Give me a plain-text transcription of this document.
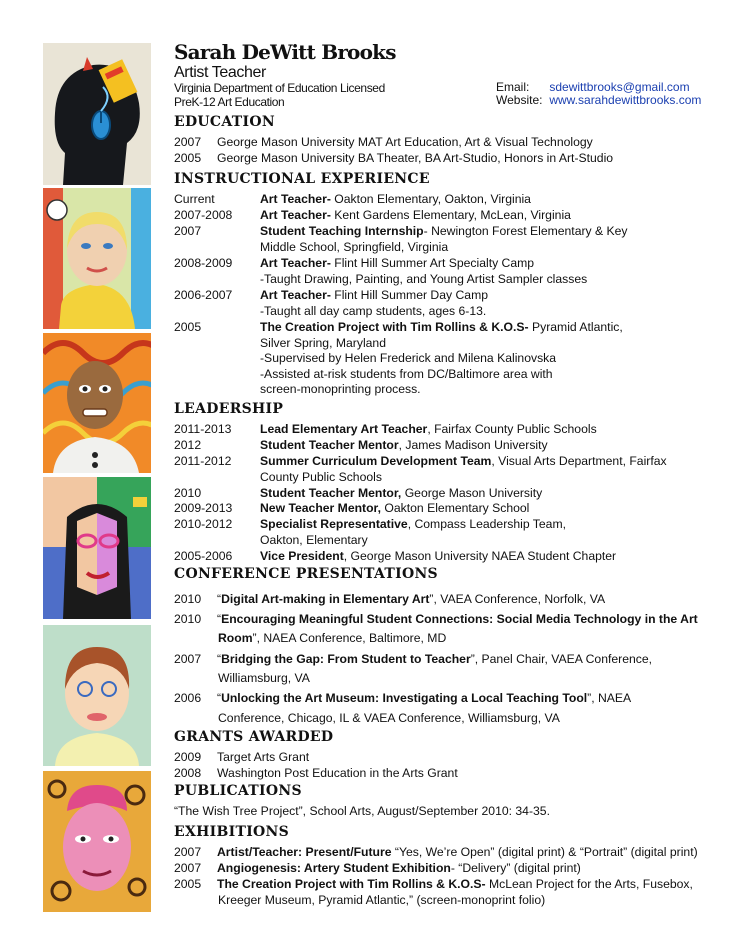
Sarah DeWitt Brooks
Artist Teacher
Virginia Department of Education Licensed
PreK-12 Art Education
Email: sdewittbrooks@gmail.com
Website: www.sarahdewittbrooks.com
EDUCATION
2007 George Mason University MAT Art Education, Art & Visual Technology
2005 George Mason University BA Theater, BA Art-Studio, Honors in Art-Studio
INSTRUCTIONAL EXPERIENCE
Current	Art Teacher- Oakton Elementary, Oakton, Virginia
2007-2008 Art Teacher- Kent Gardens Elementary, McLean, Virginia
2007	Student Teaching Internship- Newington Forest Elementary & Key
Middle School, Springfield, Virginia
2008-2009 Art Teacher- Flint Hill Summer Art Specialty Camp
-Taught Drawing, Painting, and Young Artist Sampler classes
2006-2007 Art Teacher- Flint Hill Summer Day Camp
-Taught all day camp students, ages 6-13.
2005	The Creation Project with Tim Rollins & K.O.S- Pyramid Atlantic,
Silver Spring, Maryland
-Supervised by Helen Frederick and Milena Kalinovska
-Assisted at-risk students from DC/Baltimore area with
screen-monoprinting process.
LEADERSHIP
2011-2013 Lead Elementary Art Teacher, Fairfax County Public Schools
2012	Student Teacher Mentor, James Madison University
2011-2012 Summer Curriculum Development Team, Visual Arts Department, Fairfax
County Public Schools
2010	Student Teacher Mentor, George Mason University
2009-2013 New Teacher Mentor, Oakton Elementary School
2010-2012 Specialist Representative, Compass Leadership Team,
Oakton, Elementary
2005-2006 Vice President, George Mason University NAEA Student Chapter
CONFERENCE PRESENTATIONS
2010 “Digital Art-making in Elementary Art”, VAEA Conference, Norfolk, VA
2010 “Encouraging Meaningful Student Connections: Social Media Technology in the Art
Room”, NAEA Conference, Baltimore, MD
2007 “Bridging the Gap: From Student to Teacher”, Panel Chair, VAEA Conference,
Williamsburg, VA
2006 “Unlocking the Art Museum: Investigating a Local Teaching Tool”, NAEA
Conference, Chicago, IL & VAEA Conference, Williamsburg, VA
GRANTS AWARDED
2009 Target Arts Grant
2008 Washington Post Education in the Arts Grant
PUBLICATIONS
“The Wish Tree Project”, School Arts, August/September 2010: 34-35.
EXHIBITIONS
2007 Artist/Teacher: Present/Future “Yes, We’re Open” (digital print) & “Portrait” (digital print)
2007 Angiogenesis: Artery Student Exhibition- “Delivery” (digital print)
2005 The Creation Project with Tim Rollins & K.O.S- McLean Project for the Arts, Fusebox,
Kreeger Museum, Pyramid Atlantic,” (screen-monoprint folio)
